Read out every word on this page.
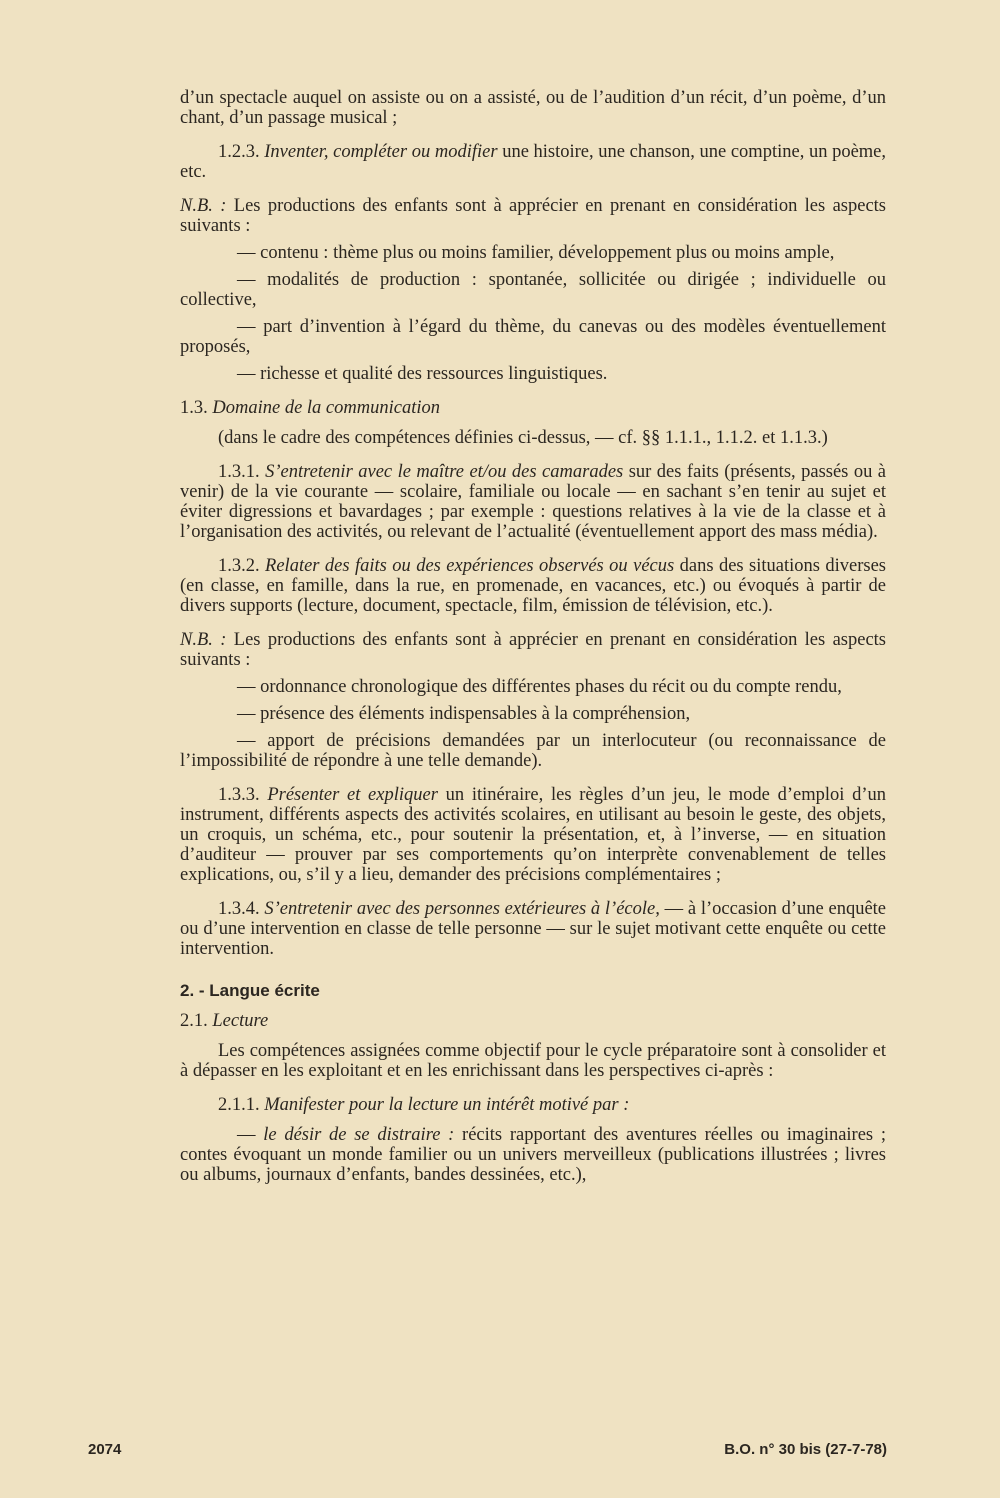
d’un spectacle auquel on assiste ou on a assisté, ou de l’audition d’un récit, d’un poème, d’un chant, d’un passage musical ;

1.2.3. Inventer, compléter ou modifier une histoire, une chanson, une comptine, un poème, etc.

N.B. : Les productions des enfants sont à apprécier en prenant en considération les aspects suivants :

— contenu : thème plus ou moins familier, développement plus ou moins ample,

— modalités de production : spontanée, sollicitée ou dirigée ; individuelle ou collective,

— part d’invention à l’égard du thème, du canevas ou des modèles éventuellement proposés,

— richesse et qualité des ressources linguistiques.

1.3. Domaine de la communication

(dans le cadre des compétences définies ci-dessus, — cf. §§ 1.1.1., 1.1.2. et 1.1.3.)

1.3.1. S’entretenir avec le maître et/ou des camarades sur des faits (présents, passés ou à venir) de la vie courante — scolaire, familiale ou locale — en sachant s’en tenir au sujet et éviter digressions et bavardages ; par exemple : questions relatives à la vie de la classe et à l’organisation des activités, ou relevant de l’actualité (éventuellement apport des mass média).

1.3.2. Relater des faits ou des expériences observés ou vécus dans des situations diverses (en classe, en famille, dans la rue, en promenade, en vacances, etc.) ou évoqués à partir de divers supports (lecture, document, spectacle, film, émission de télévision, etc.).

N.B. : Les productions des enfants sont à apprécier en prenant en considération les aspects suivants :

— ordonnance chronologique des différentes phases du récit ou du compte rendu,

— présence des éléments indispensables à la compréhension,

— apport de précisions demandées par un interlocuteur (ou reconnaissance de l’impossibilité de répondre à une telle demande).

1.3.3. Présenter et expliquer un itinéraire, les règles d’un jeu, le mode d’emploi d’un instrument, différents aspects des activités scolaires, en utilisant au besoin le geste, des objets, un croquis, un schéma, etc., pour soutenir la présentation, et, à l’inverse, — en situation d’auditeur — prouver par ses comportements qu’on interprète convenablement de telles explications, ou, s’il y a lieu, demander des précisions complémentaires ;

1.3.4. S’entretenir avec des personnes extérieures à l’école, — à l’occasion d’une enquête ou d’une intervention en classe de telle personne — sur le sujet motivant cette enquête ou cette intervention.

2. - Langue écrite

2.1. Lecture

Les compétences assignées comme objectif pour le cycle préparatoire sont à consolider et à dépasser en les exploitant et en les enrichissant dans les perspectives ci-après :

2.1.1. Manifester pour la lecture un intérêt motivé par :

— le désir de se distraire : récits rapportant des aventures réelles ou imaginaires ; contes évoquant un monde familier ou un univers merveilleux (publications illustrées ; livres ou albums, journaux d’enfants, bandes dessinées, etc.),

2074	B.O. n° 30 bis (27-7-78)
